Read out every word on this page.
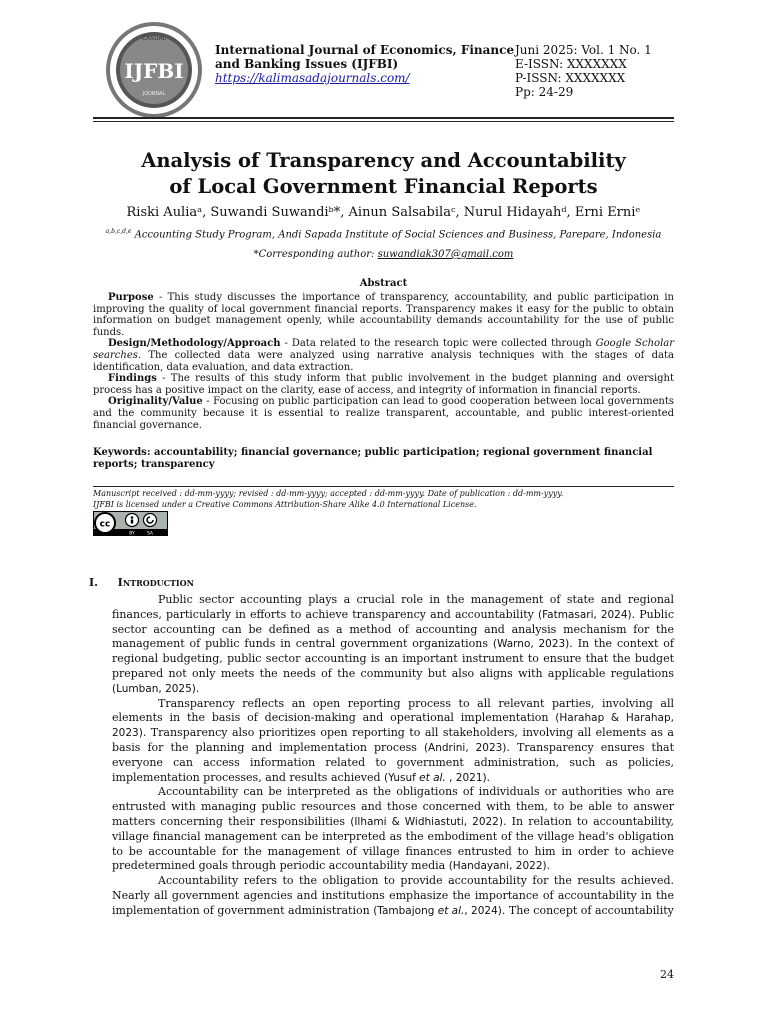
CASUAL
IJFBI
JOURNAL
International Journal of Economics, Finance and Banking Issues (IJFBI)
https://kalimasadajournals.com/
Juni 2025: Vol. 1 No. 1
E-ISSN: XXXXXXX
P-ISSN: XXXXXXX
Pp: 24-29
Analysis of Transparency and Accountability
of Local Government Financial Reports
Riski Auliaᵃ, Suwandi Suwandiᵇ*, Ainun Salsabilaᶜ, Nurul Hidayahᵈ, Erni Erniᵉ
$^{a,b,c,d,e}$ Accounting Study Program, Andi Sapada Institute of Social Sciences and Business, Parepare, Indonesia
*Corresponding author: suwandiak307@gmail.com
Abstract

Purpose - This study discusses the importance of transparency, accountability, and public participation in improving the quality of local government financial reports. Transparency makes it easy for the public to obtain information on budget management openly, while accountability demands accountability for the use of public funds.

Design/Methodology/Approach - Data related to the research topic were collected through Google Scholar searches. The collected data were analyzed using narrative analysis techniques with the stages of data identification, data evaluation, and data extraction.

Findings - The results of this study inform that public involvement in the budget planning and oversight process has a positive impact on the clarity, ease of access, and integrity of information in financial reports.

Originality/Value - Focusing on public participation can lead to good cooperation between local governments and the community because it is essential to realize transparent, accountable, and public interest-oriented financial governance.

Keywords: accountability; financial governance; public participation; regional government financial reports; transparency
Manuscript received : dd-mm-yyyy; revised : dd-mm-yyyy; accepted : dd-mm-yyyy. Date of publication : dd-mm-yyyy.
IJFBI is licensed under a Creative Commons Attribution-Share Alike 4.0 International License.
cc
BY	SA
I. Introduction

Public sector accounting plays a crucial role in the management of state and regional finances, particularly in efforts to achieve transparency and accountability (Fatmasari, 2024). Public sector accounting can be defined as a method of accounting and analysis mechanism for the management of public funds in central government organizations (Warno, 2023). In the context of regional budgeting, public sector accounting is an important instrument to ensure that the budget prepared not only meets the needs of the community but also aligns with applicable regulations (Lumban, 2025).

Transparency reflects an open reporting process to all relevant parties, involving all elements in the basis of decision-making and operational implementation (Harahap & Harahap, 2023). Transparency also prioritizes open reporting to all stakeholders, involving all elements as a basis for the planning and implementation process (Andrini, 2023). Transparency ensures that everyone can access information related to government administration, such as policies, implementation processes, and results achieved (Yusuf et al. , 2021).

Accountability can be interpreted as the obligations of individuals or authorities who are entrusted with managing public resources and those concerned with them, to be able to answer matters concerning their responsibilities (Ilhami & Widhiastuti, 2022). In relation to accountability, village financial management can be interpreted as the embodiment of the village head's obligation to be accountable for the management of village finances entrusted to him in order to achieve predetermined goals through periodic accountability media (Handayani, 2022).

Accountability refers to the obligation to provide accountability for the results achieved. Nearly all government agencies and institutions emphasize the importance of accountability in the implementation of government administration (Tambajong et al., 2024). The concept of accountability

24
